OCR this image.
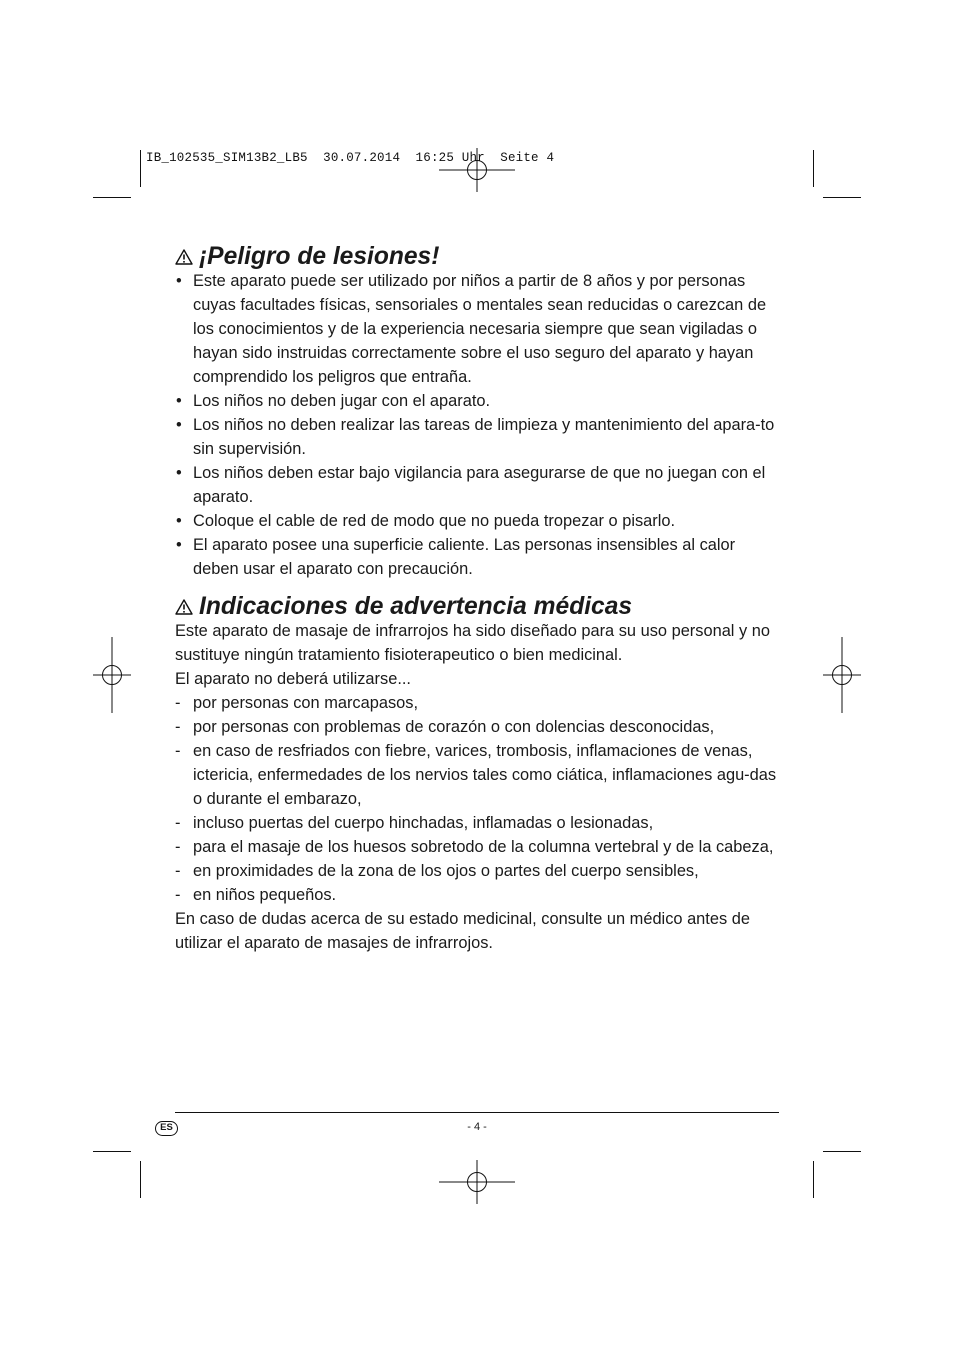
IB_102535_SIM13B2_LB5  30.07.2014  16:25 Uhr  Seite 4
¡Peligro de lesiones!
• Este aparato puede ser utilizado por niños a partir de 8 años y por personas cuyas facultades físicas, sensoriales o mentales sean reducidas o carezcan de los conocimientos y de la experiencia necesaria siempre que sean vigiladas o hayan sido instruidas correctamente sobre el uso seguro del aparato y hayan comprendido los peligros que entraña.
• Los niños no deben jugar con el aparato.
• Los niños no deben realizar las tareas de limpieza y mantenimiento del apara-to sin supervisión.
• Los niños deben estar bajo vigilancia para asegurarse de que no juegan con el aparato.
• Coloque el cable de red de modo que no pueda tropezar o pisarlo.
• El aparato posee una superficie caliente. Las personas insensibles al calor deben usar el aparato con precaución.
Indicaciones de advertencia médicas

Este aparato de masaje de infrarrojos ha sido diseñado para su uso personal y no sustituye ningún tratamiento fisioterapeutico o bien medicinal.

El aparato no deberá utilizarse...

- por personas con marcapasos,
- por personas con problemas de corazón o con dolencias desconocidas,
- en caso de resfriados con fiebre, varices, trombosis, inflamaciones de venas, ictericia, enfermedades de los nervios tales como ciática, inflamaciones agu-das o durante el embarazo,
- incluso puertas del cuerpo hinchadas, inflamadas o lesionadas,
- para el masaje de los huesos sobretodo de la columna vertebral y de la cabeza,
- en proximidades de la zona de los ojos o partes del cuerpo sensibles,
- en niños pequeños.

En caso de dudas acerca de su estado medicinal, consulte un médico antes de utilizar el aparato de masajes de infrarrojos.

ES	- 4 -
